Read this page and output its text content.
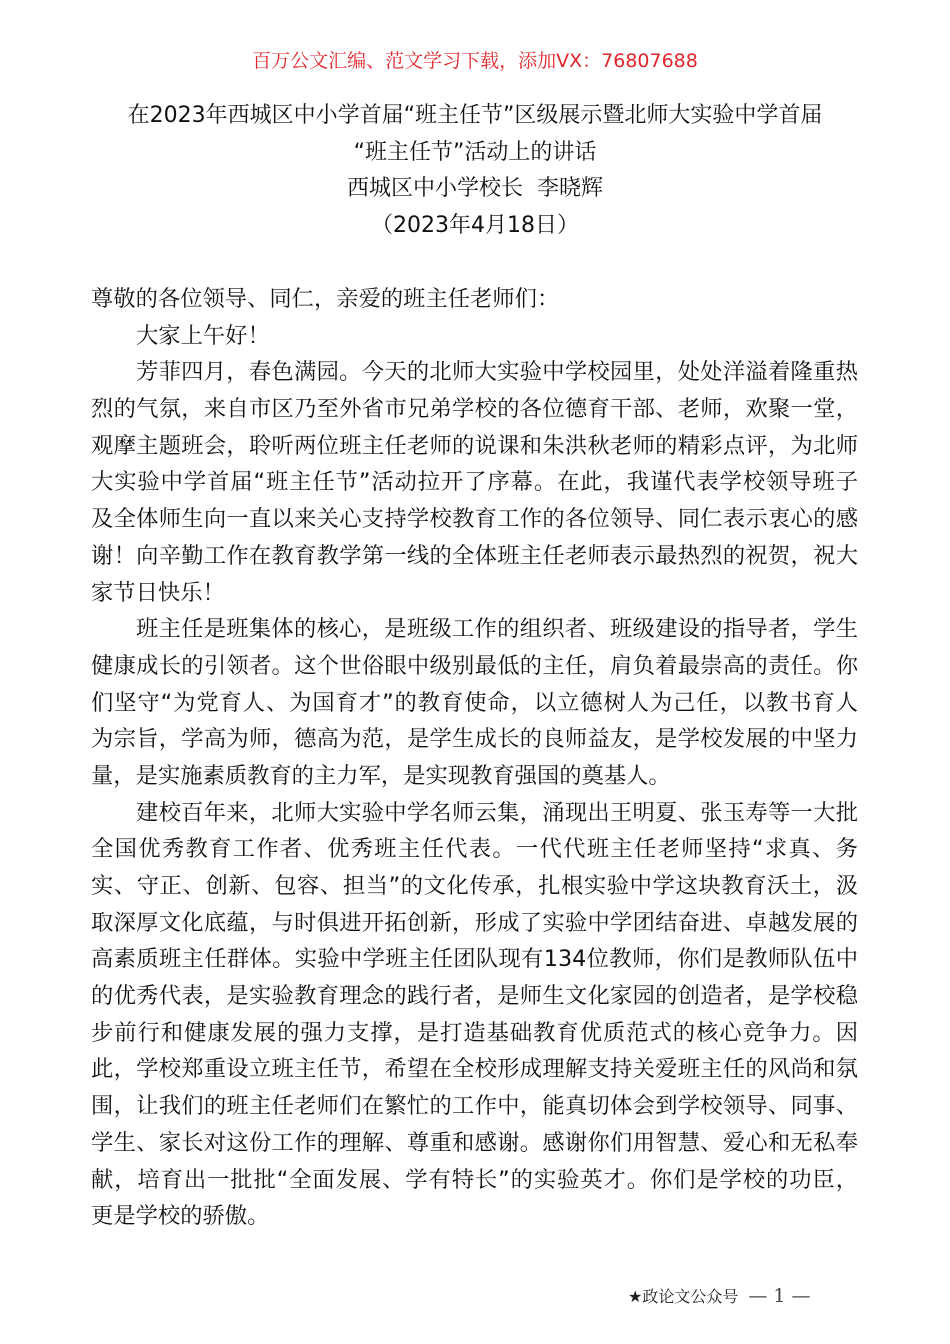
百万公文汇编、范文学习下载，添加VX：76807688
在2023年西城区中小学首届“班主任节”区级展示暨北师大实验中学首届
“班主任节”活动上的讲话
西城区中小学校长  李晓辉
（2023年4月18日）
尊敬的各位领导、同仁，亲爱的班主任老师们：
大家上午好！
芳菲四月，春色满园。今天的北师大实验中学校园里，处处洋溢着隆重热
烈的气氛，来自市区乃至外省市兄弟学校的各位德育干部、老师，欢聚一堂，
观摩主题班会，聆听两位班主任老师的说课和朱洪秋老师的精彩点评，为北师
大实验中学首届“班主任节”活动拉开了序幕。在此，我谨代表学校领导班子
及全体师生向一直以来关心支持学校教育工作的各位领导、同仁表示衷心的感
谢！向辛勤工作在教育教学第一线的全体班主任老师表示最热烈的祝贺，祝大
家节日快乐！
班主任是班集体的核心，是班级工作的组织者、班级建设的指导者，学生
健康成长的引领者。这个世俗眼中级别最低的主任，肩负着最崇高的责任。你
们坚守“为党育人、为国育才”的教育使命，以立德树人为己任，以教书育人
为宗旨，学高为师，德高为范，是学生成长的良师益友，是学校发展的中坚力
量，是实施素质教育的主力军，是实现教育强国的奠基人。
建校百年来，北师大实验中学名师云集，涌现出王明夏、张玉寿等一大批
全国优秀教育工作者、优秀班主任代表。一代代班主任老师坚持“求真、务
实、守正、创新、包容、担当”的文化传承，扎根实验中学这块教育沃土，汲
取深厚文化底蕴，与时俱进开拓创新，形成了实验中学团结奋进、卓越发展的
高素质班主任群体。实验中学班主任团队现有134位教师，你们是教师队伍中
的优秀代表，是实验教育理念的践行者，是师生文化家园的创造者，是学校稳
步前行和健康发展的强力支撑，是打造基础教育优质范式的核心竞争力。因
此，学校郑重设立班主任节，希望在全校形成理解支持关爱班主任的风尚和氛
围，让我们的班主任老师们在繁忙的工作中，能真切体会到学校领导、同事、
学生、家长对这份工作的理解、尊重和感谢。感谢你们用智慧、爱心和无私奉
献，培育出一批批“全面发展、学有特长”的实验英才。你们是学校的功臣，
更是学校的骄傲。
★政论文公众号 — 1 —
